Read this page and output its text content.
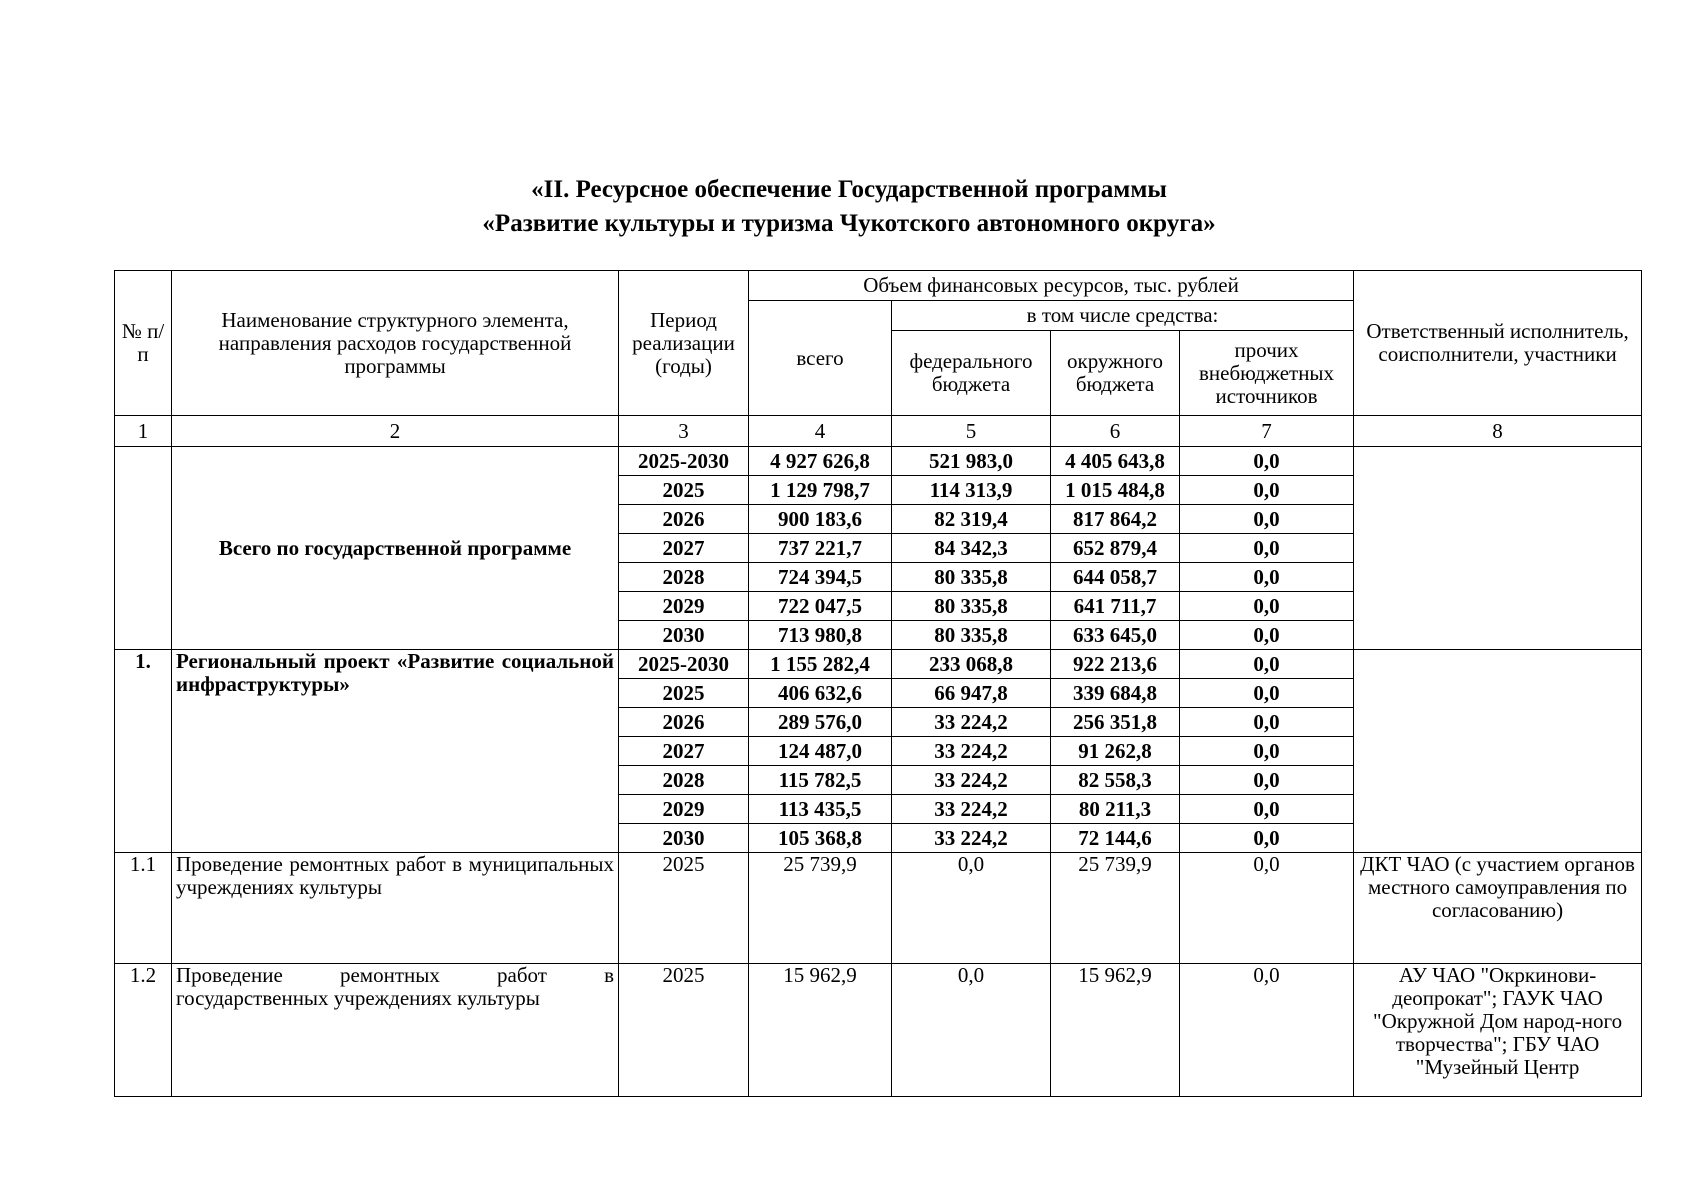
«II. Ресурсное обеспечение Государственной программы
«Развитие культуры и туризма Чукотского автономного округа»
№ п/п	Наименование структурного элемента, направления расходов государственной программы	Период реализации (годы)	Объем финансовых ресурсов, тыс. рублей				Ответственный исполнитель, соисполнители, участники
			всего	в том числе средства:			
				федерального бюджета	окружного бюджета	прочих внебюджетных источников	
1	2	3	4	5	6	7	8
	Всего по государственной программе	2025-2030	4 927 626,8	521 983,0	4 405 643,8	0,0	
		2025	1 129 798,7	114 313,9	1 015 484,8	0,0	
		2026	900 183,6	82 319,4	817 864,2	0,0	
		2027	737 221,7	84 342,3	652 879,4	0,0	
		2028	724 394,5	80 335,8	644 058,7	0,0	
		2029	722 047,5	80 335,8	641 711,7	0,0	
		2030	713 980,8	80 335,8	633 645,0	0,0	
1.	Региональный проект «Развитие социальной инфраструктуры»	2025-2030	1 155 282,4	233 068,8	922 213,6	0,0	
		2025	406 632,6	66 947,8	339 684,8	0,0	
		2026	289 576,0	33 224,2	256 351,8	0,0	
		2027	124 487,0	33 224,2	91 262,8	0,0	
		2028	115 782,5	33 224,2	82 558,3	0,0	
		2029	113 435,5	33 224,2	80 211,3	0,0	
		2030	105 368,8	33 224,2	72 144,6	0,0	
1.1	Проведение ремонтных работ в муниципальных учреждениях культуры	2025	25 739,9	0,0	25 739,9	0,0	ДКТ ЧАО (с участием органов местного самоуправления по согласованию)
1.2	Проведение ремонтных работ в государственных учреждениях культуры	2025	15 962,9	0,0	15 962,9	0,0	АУ ЧАО "Окркинови-деопрокат"; ГАУК ЧАО "Окружной Дом народ-ного творчества"; ГБУ ЧАО "Музейный Центр
